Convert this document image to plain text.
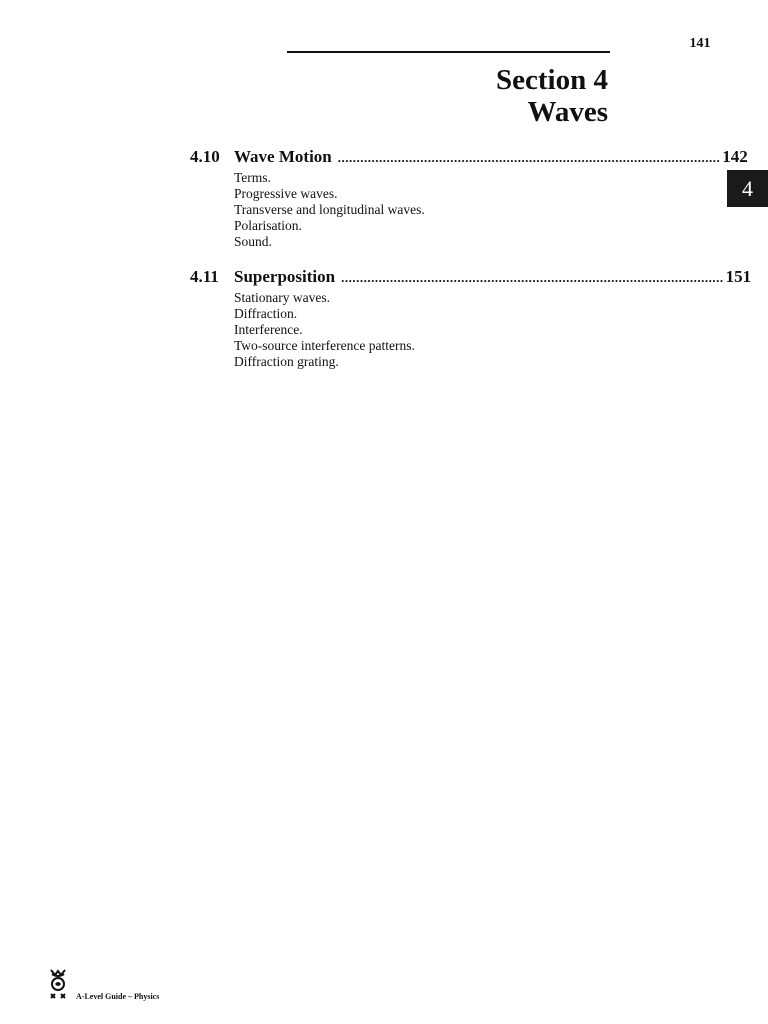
141
Section 4
Waves
4
4.10 Wave Motion ...................................................................................................... 142
Terms.
Progressive waves.
Transverse and longitudinal waves.
Polarisation.
Sound.
4.11 Superposition ...................................................................................................... 151
Stationary waves.
Diffraction.
Interference.
Two-source interference patterns.
Diffraction grating.
A-Level Guide – Physics
